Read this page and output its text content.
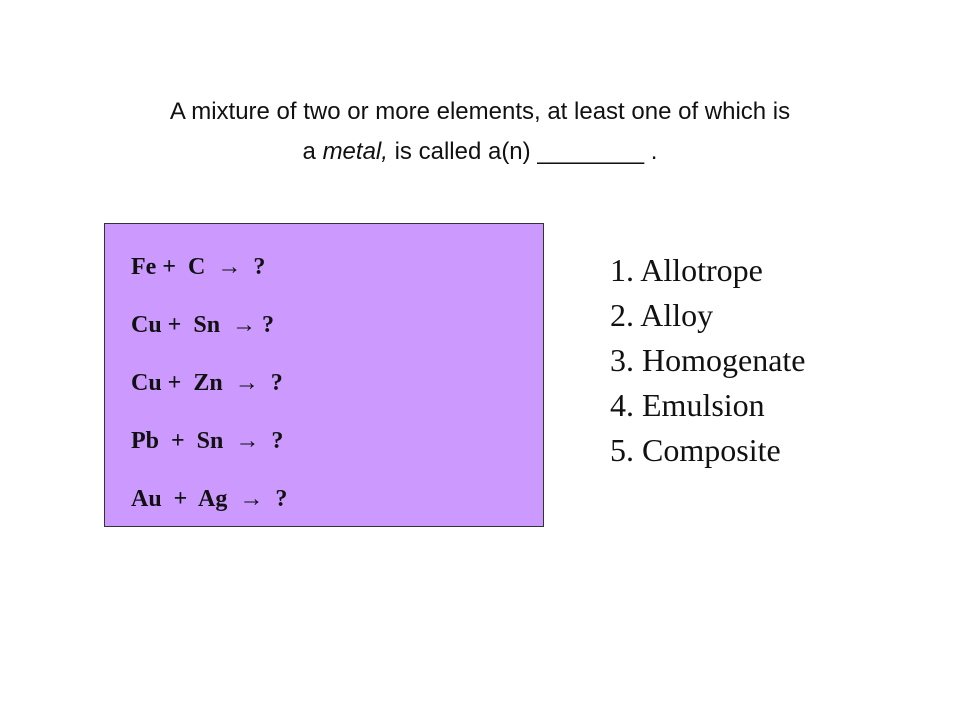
A mixture of two or more elements, at least one of which is
a metal, is called a(n) ________ .
Fe +  C  →  ?
Cu +  Sn  → ?
Cu +  Zn  →  ?
Pb  +  Sn  →  ?
Au  +  Ag  →  ?
1. Allotrope
2. Alloy
3. Homogenate
4. Emulsion
5. Composite
